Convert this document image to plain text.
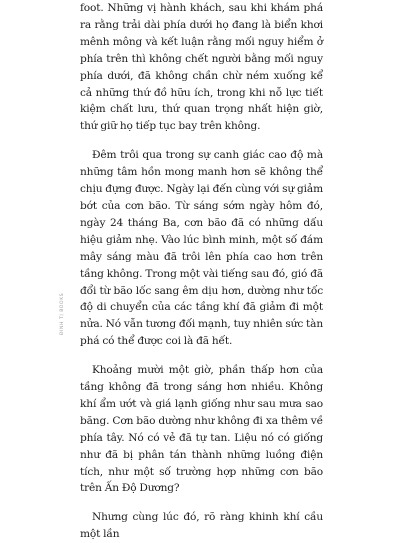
foot. Những vị hành khách, sau khi khám phá ra rằng trải dài phía dưới họ đang là biển khơi mênh mông và kết luận rằng mối nguy hiểm ở phía trên thì không chết người bằng mối nguy phía dưới, đã không chần chừ ném xuống kể cả những thứ đồ hữu ích, trong khi nỗ lực tiết kiệm chất lưu, thứ quan trọng nhất hiện giờ, thứ giữ họ tiếp tục bay trên không.

Đêm trôi qua trong sự canh giác cao độ mà những tâm hồn mong manh hơn sẽ không thể chịu đựng được. Ngày lại đến cùng với sự giảm bớt của cơn bão. Từ sáng sớm ngày hôm đó, ngày 24 tháng Ba, cơn bão đã có những dấu hiệu giảm nhẹ. Vào lúc bình minh, một số đám mây sáng màu đã trôi lên phía cao hơn trên tầng không. Trong một vài tiếng sau đó, gió đã đổi từ bão lốc sang êm dịu hơn, dường như tốc độ di chuyển của các tầng khí đã giảm đi một nửa. Nó vẫn tương đối mạnh, tuy nhiên sức tàn phá có thể được coi là đã hết.

Khoảng mười một giờ, phần thấp hơn của tầng không đã trong sáng hơn nhiều. Không khí ẩm ướt và giá lạnh giống như sau mưa sao băng. Cơn bão dường như không đi xa thêm về phía tây. Nó có vẻ đã tự tan. Liệu nó có giống như đã bị phân tán thành những luồng điện tích, như một số trường hợp những cơn bão trên Ấn Độ Dương?

Nhưng cùng lúc đó, rõ ràng khinh khí cầu một lần

ĐINH TỊ BOOKS
